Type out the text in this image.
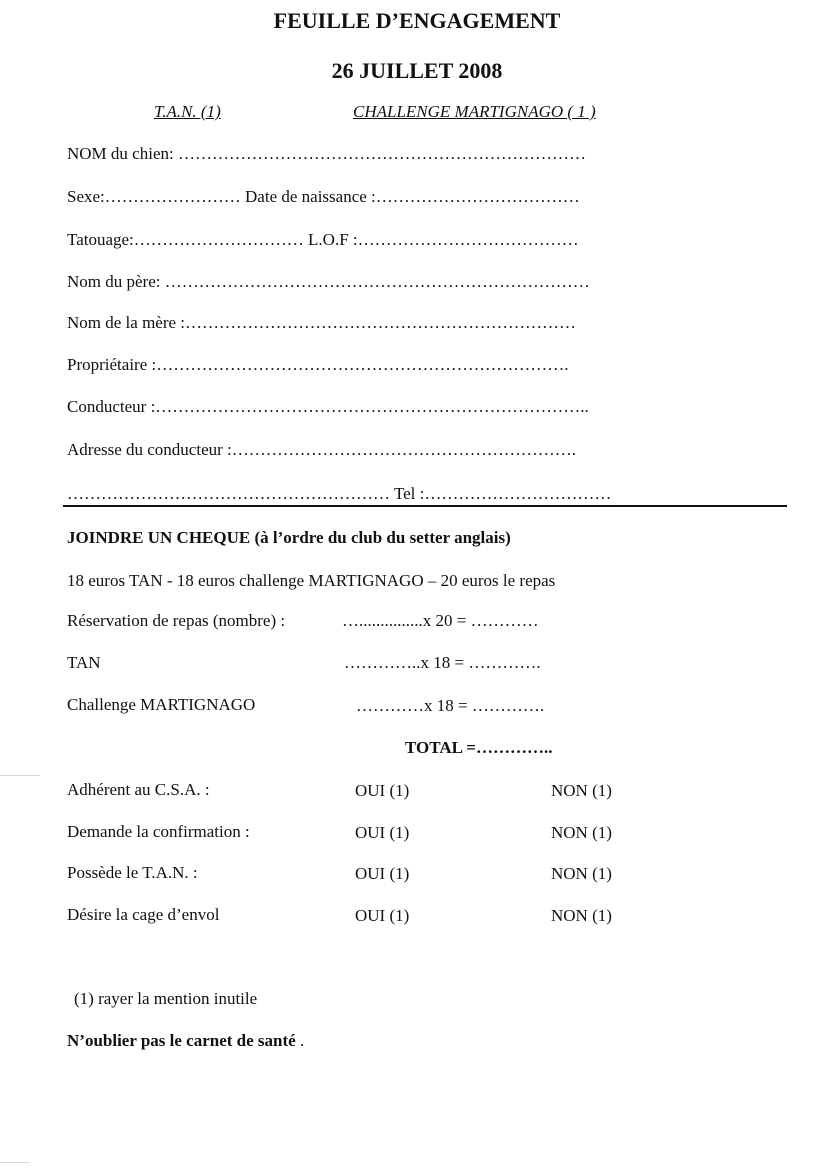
FEUILLE D’ENGAGEMENT
26 JUILLET 2008
T.A.N. (1)	CHALLENGE MARTIGNAGO ( 1 )
NOM du chien: ………………………………………………………………
Sexe:…………………… Date de naissance :………………………………
Tatouage:………………………… L.O.F :…………………………………
Nom du père: …………………………………………………………………
Nom de la mère :……………………………………………………………
Propriétaire :……………………………………………………………….
Conducteur :…………………………………………………………………..
Adresse du conducteur :…………………………………………………….
………………………………………………… Tel :……………………………
JOINDRE UN CHEQUE (à l’ordre du club du setter anglais)
18 euros TAN - 18 euros challenge MARTIGNAGO – 20 euros le repas
Réservation de repas (nombre) :	…...............x 20 = …………
TAN	…………..x 18 = ………….
Challenge MARTIGNAGO	…………x 18 = ………….
TOTAL =…………..
Adhérent au C.S.A. :	OUI (1)	NON (1)
Demande la confirmation :	OUI (1)	NON (1)
Possède le T.A.N. :	OUI (1)	NON (1)
Désire la cage d’envol	OUI (1)	NON (1)
(1) rayer la mention inutile
N’oublier pas le carnet de santé .
